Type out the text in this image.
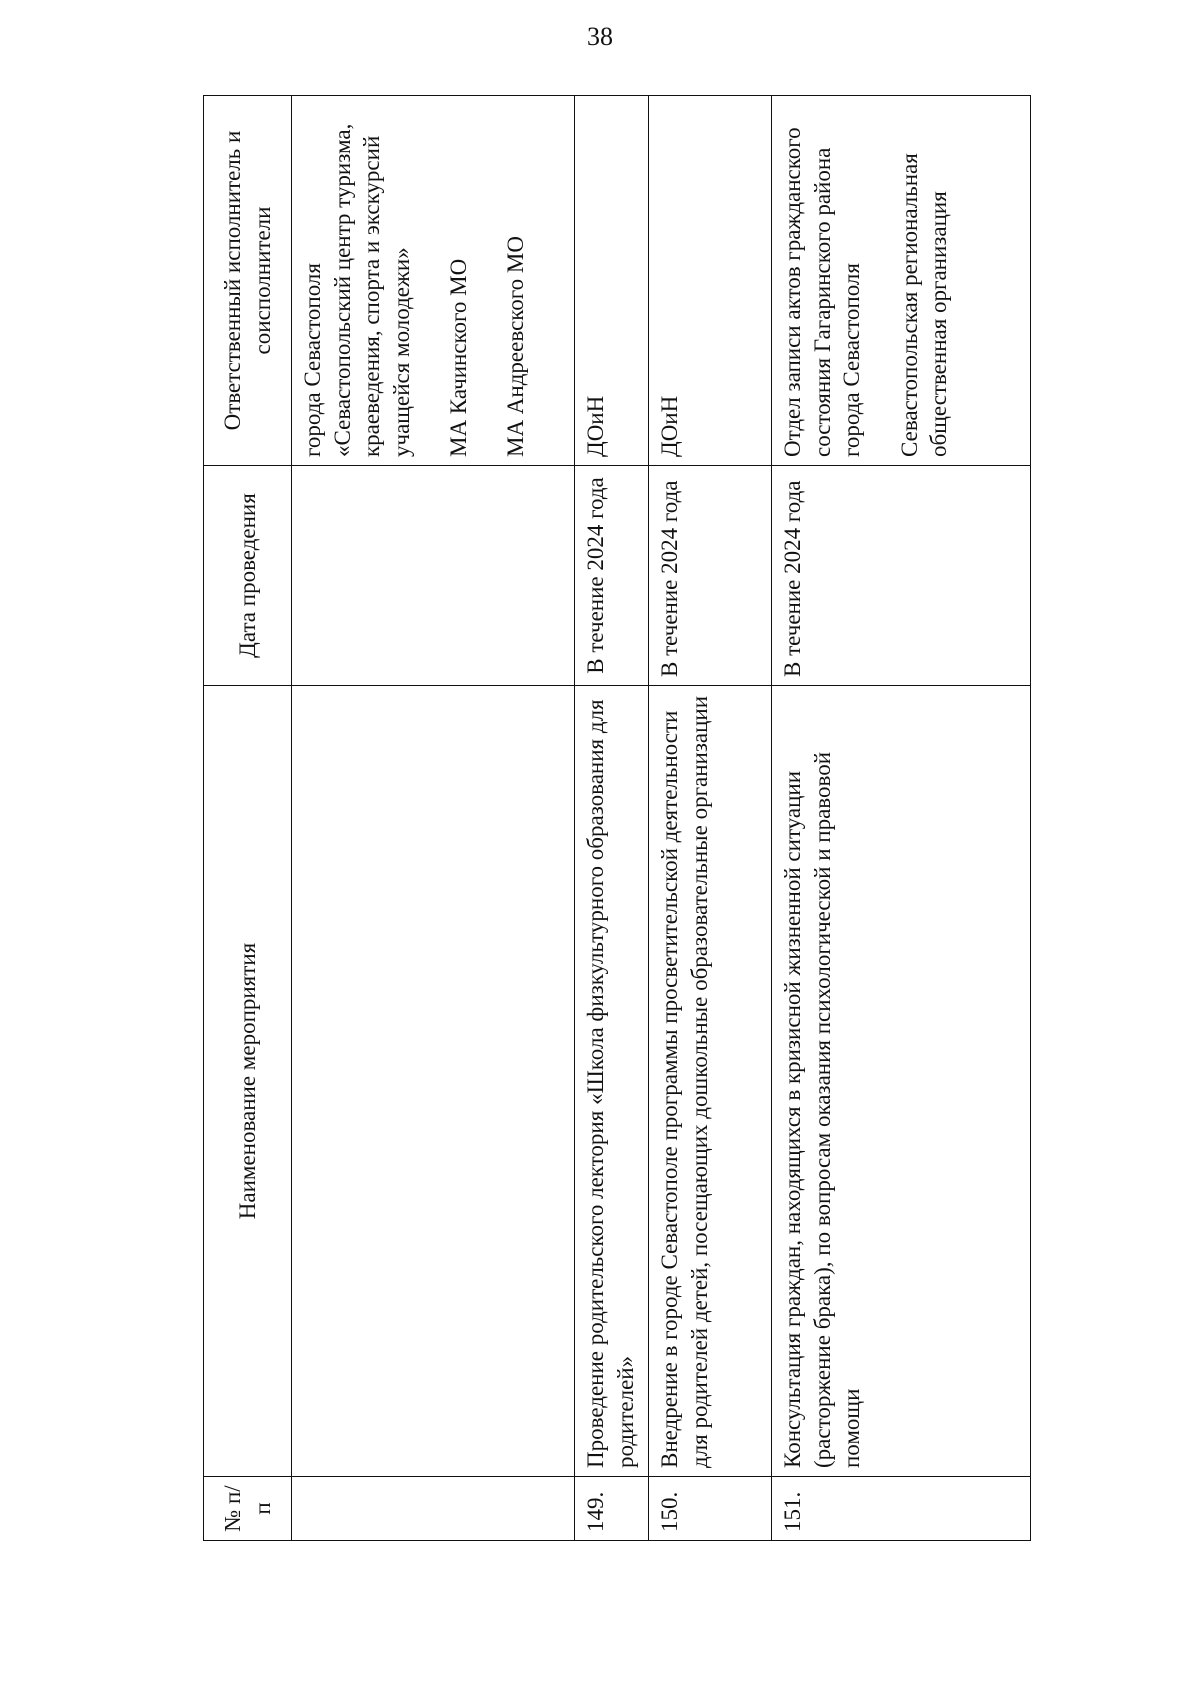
38
№ п/п	Наименование мероприятия	Дата проведения	Ответственный исполнитель и соисполнители

			города Севастополя «Севастопольский центр туризма, краеведения, спорта и экскурсий учащейся молодежи» МА Качинского МО МА Андреевского МО

149.	Проведение родительского лектория «Школа физкультурного образования для родителей»	В течение 2024 года	ДОиН

150.	Внедрение в городе Севастополе программы просветительской деятельности для родителей детей, посещающих дошкольные образовательные организации	В течение 2024 года	ДОиН

151.	Консультация граждан, находящихся в кризисной жизненной ситуации (расторжение брака), по вопросам оказания психологической и правовой помощи	В течение 2024 года	Отдел записи актов гражданского состояния Гагаринского района города Севастополя Севастопольская региональная общественная организация
